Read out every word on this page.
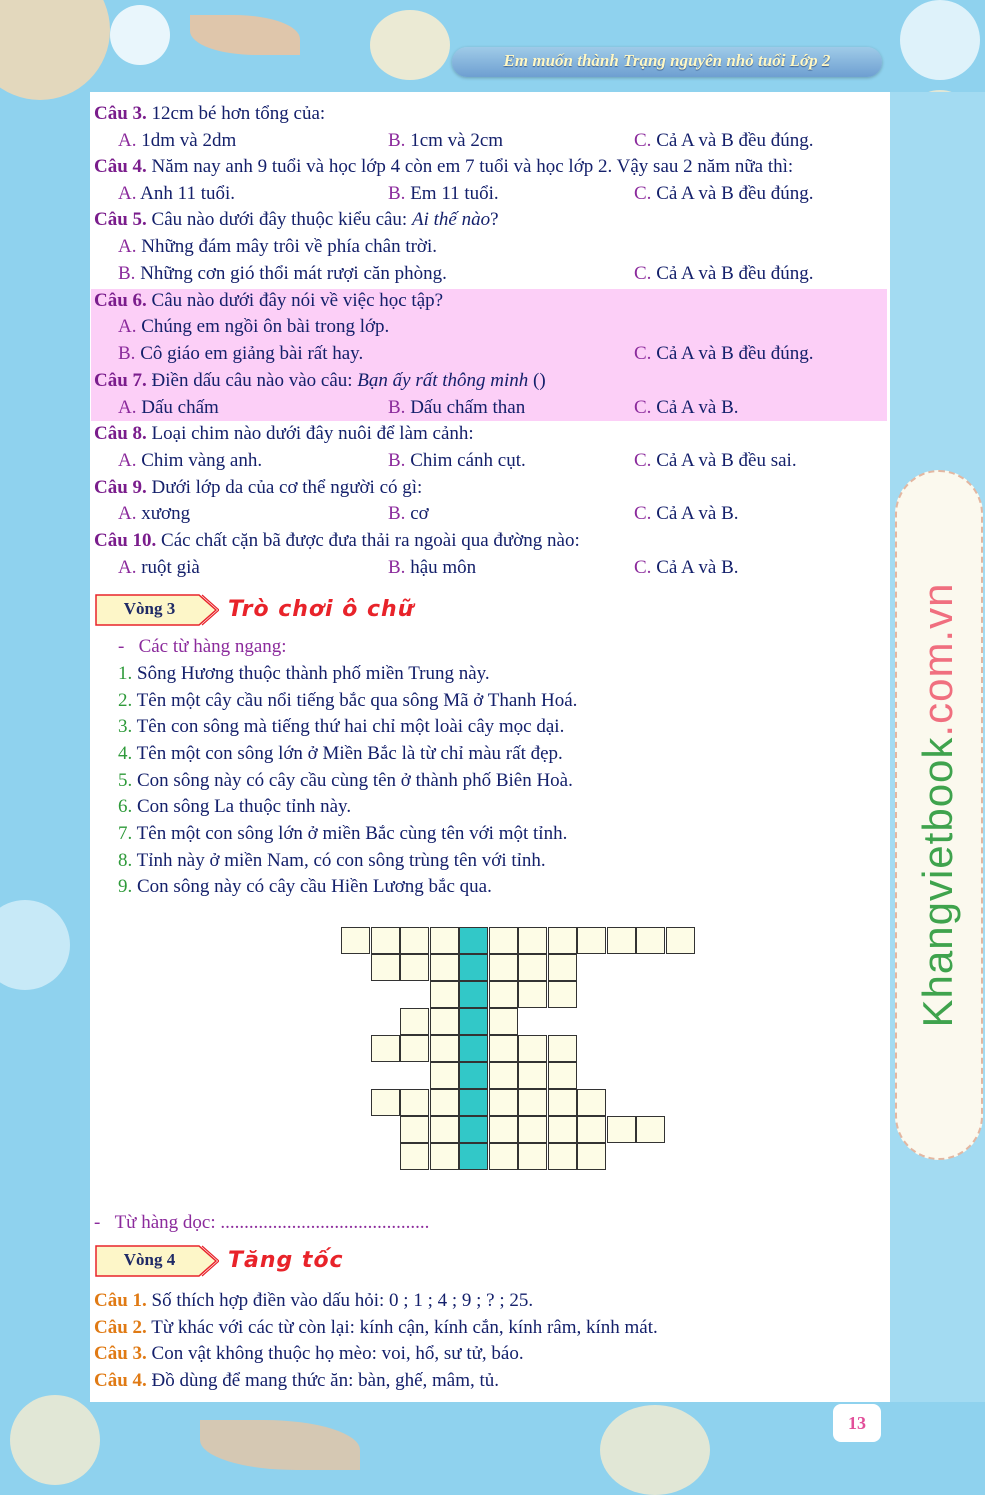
Khangvietbook.com.vn
Em muốn thành Trạng nguyên nhỏ tuổi Lớp 2
Câu 3. 12cm bé hơn tổng của:
A. 1dm và 2dm	B. 1cm và 2cm	C. Cả A và B đều đúng.
Câu 4. Năm nay anh 9 tuổi và học lớp 4 còn em 7 tuổi và học lớp 2. Vậy sau 2 năm nữa thì:
A. Anh 11 tuổi.	B. Em 11 tuổi.	C. Cả A và B đều đúng.
Câu 5. Câu nào dưới đây thuộc kiểu câu: Ai thế nào?
A. Những đám mây trôi về phía chân trời.
B. Những cơn gió thổi mát rượi căn phòng.	C. Cả A và B đều đúng.
Câu 6. Câu nào dưới đây nói về việc học tập?
A. Chúng em ngồi ôn bài trong lớp.
B. Cô giáo em giảng bài rất hay.	C. Cả A và B đều đúng.
Câu 7. Điền dấu câu nào vào câu: Bạn ấy rất thông minh ()
A. Dấu chấm	B. Dấu chấm than	C. Cả A và B.
Câu 8. Loại chim nào dưới đây nuôi để làm cảnh:
A. Chim vàng anh.	B. Chim cánh cụt.	C. Cả A và B đều sai.
Câu 9. Dưới lớp da của cơ thể người có gì:
A. xương	B. cơ	C. Cả A và B.
Câu 10. Các chất cặn bã được đưa thải ra ngoài qua đường nào:
A. ruột già	B. hậu môn	C. Cả A và B.
Vòng 3	Trò chơi ô chữ
- Các từ hàng ngang:
1. Sông Hương thuộc thành phố miền Trung này.
2. Tên một cây cầu nổi tiếng bắc qua sông Mã ở Thanh Hoá.
3. Tên con sông mà tiếng thứ hai chỉ một loài cây mọc dại.
4. Tên một con sông lớn ở Miền Bắc là từ chỉ màu rất đẹp.
5. Con sông này có cây cầu cùng tên ở thành phố Biên Hoà.
6. Con sông La thuộc tỉnh này.
7. Tên một con sông lớn ở miền Bắc cùng tên với một tỉnh.
8. Tỉnh này ở miền Nam, có con sông trùng tên với tỉnh.
9. Con sông này có cây cầu Hiền Lương bắc qua.
- Từ hàng dọc: ............................................
Vòng 4	Tăng tốc
Câu 1. Số thích hợp điền vào dấu hỏi: 0 ; 1 ; 4 ; 9 ; ? ; 25.
Câu 2. Từ khác với các từ còn lại: kính cận, kính cắn, kính râm, kính mát.
Câu 3. Con vật không thuộc họ mèo: voi, hổ, sư tử, báo.
Câu 4. Đồ dùng để mang thức ăn: bàn, ghế, mâm, tủ.
13
